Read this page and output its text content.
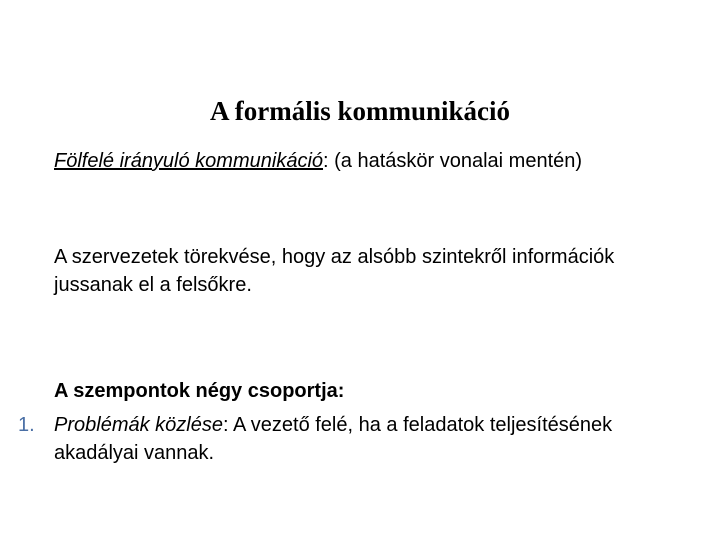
A formális kommunikáció
Fölfelé irányuló kommunikáció: (a hatáskör vonalai mentén)
A szervezetek törekvése, hogy az alsóbb szintekről információk jussanak el a felsőkre.
A szempontok négy csoportja:
1. Problémák közlése: A vezető felé, ha a feladatok teljesítésének akadályai vannak.
